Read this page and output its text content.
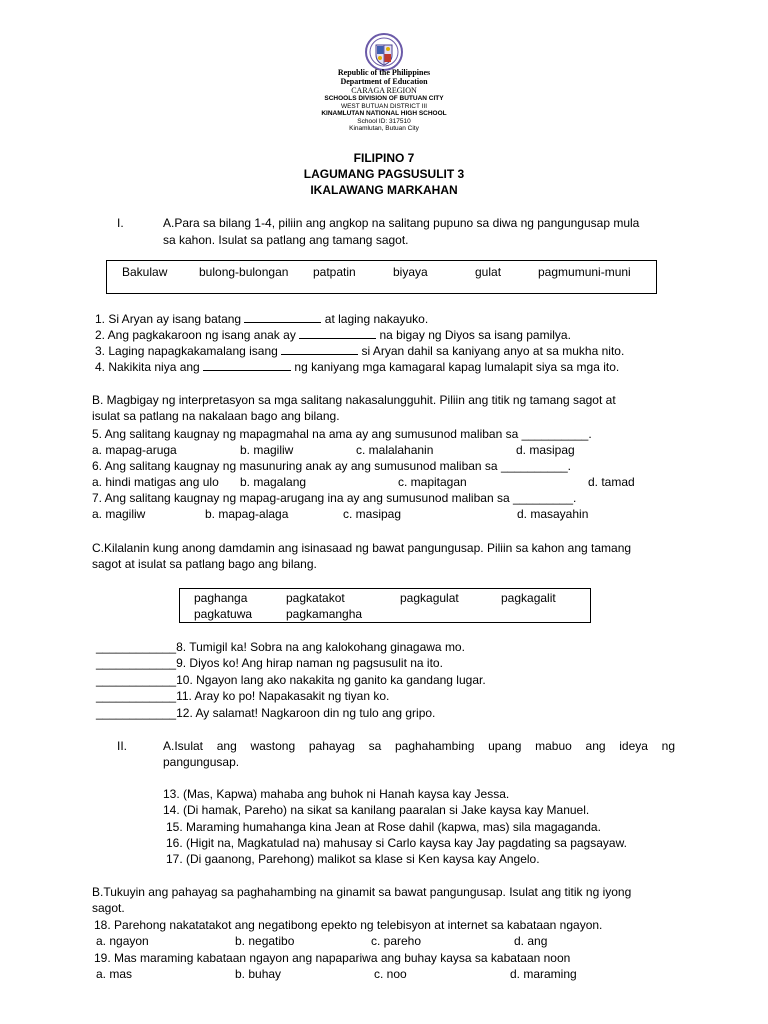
Republic of the Philippines
Department of Education
CARAGA REGION
SCHOOLS DIVISION OF BUTUAN CITY
WEST BUTUAN DISTRICT III
KINAMLUTAN NATIONAL HIGH SCHOOL
School ID: 317510
Kinamlutan, Butuan City
FILIPINO 7
LAGUMANG PAGSUSULIT 3
IKALAWANG MARKAHAN
I.	A.Para sa bilang 1-4, piliin ang angkop na salitang pupuno sa diwa ng pangungusap mula
sa kahon. Isulat sa patlang ang tamang sagot.
Bakulaw	bulong-bulongan patpatin	biyaya	gulat	pagmumuni-muni
1. Si Aryan ay isang batang	at laging nakayuko.
2. Ang pagkakaroon ng isang anak ay	na bigay ng Diyos sa isang pamilya.
3. Laging napagkakamalang isang	si Aryan dahil sa kaniyang anyo at sa mukha nito.
4. Nakikita niya ang	ng kaniyang mga kamagaral kapag lumalapit siya sa mga ito.
B. Magbigay ng interpretasyon sa mga salitang nakasalungguhit. Piliin ang titik ng tamang sagot at
isulat sa patlang na nakalaan bago ang bilang.
5. Ang salitang kaugnay ng mapagmahal na ama ay ang sumusunod maliban sa __________.
a. mapag-aruga	b. magiliw	c. malalahanin	d. masipag
6. Ang salitang kaugnay ng masunuring anak ay ang sumusunod maliban sa __________.
a. hindi matigas ang ulo b. magalang	c. mapitagan	d. tamad
7. Ang salitang kaugnay ng mapag-arugang ina ay ang sumusunod maliban sa _________.
a. magiliw	b. mapag-alaga	c. masipag	d. masayahin
C.Kilalanin kung anong damdamin ang isinasaad ng bawat pangungusap. Piliin sa kahon ang tamang
sagot at isulat sa patlang bago ang bilang.
paghanga	pagkatakot	pagkagulat	pagkagalit
pagkatuwa	pagkamangha
____________8. Tumigil ka! Sobra na ang kalokohang ginagawa mo.
____________9. Diyos ko! Ang hirap naman ng pagsusulit na ito.
____________10. Ngayon lang ako nakakita ng ganito ka gandang lugar.
____________11. Aray ko po! Napakasakit ng tiyan ko.
____________12. Ay salamat! Nagkaroon din ng tulo ang gripo.
II.	A.Isulat ang wastong pahayag sa paghahambing upang mabuo ang ideya ng
pangungusap.
13. (Mas, Kapwa) mahaba ang buhok ni Hanah kaysa kay Jessa.
14. (Di hamak, Pareho) na sikat sa kanilang paaralan si Jake kaysa kay Manuel.
15. Maraming humahanga kina Jean at Rose dahil (kapwa, mas) sila magaganda.
16. (Higit na, Magkatulad na) mahusay si Carlo kaysa kay Jay pagdating sa pagsayaw.
17. (Di gaanong, Parehong) malikot sa klase si Ken kaysa kay Angelo.
B.Tukuyin ang pahayag sa paghahambing na ginamit sa bawat pangungusap. Isulat ang titik ng iyong
sagot.
18. Parehong nakatatakot ang negatibong epekto ng telebisyon at internet sa kabataan ngayon.
a. ngayon	b. negatibo	c. pareho	d. ang
19. Mas maraming kabataan ngayon ang napapariwa ang buhay kaysa sa kabataan noon
a. mas	b. buhay	c. noo	d. maraming
